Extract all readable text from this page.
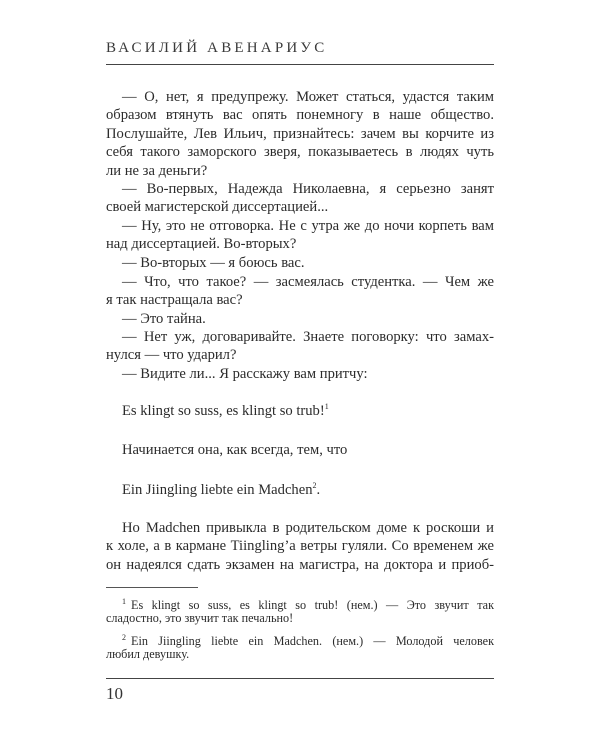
ВАСИЛИЙ АВЕНАРИУС
— О, нет, я предупрежу. Может статься, удастся таким
образом втянуть вас опять понемногу в наше общество.
Послушайте, Лев Ильич, признайтесь: зачем вы корчите из
себя такого заморского зверя, показываетесь в людях чуть
ли не за деньги?
— Во-первых, Надежда Николаевна, я серьезно занят
своей магистерской диссертацией...
— Ну, это не отговорка. Не с утра же до ночи корпеть вам
над диссертацией. Во-вторых?
— Во-вторых — я боюсь вас.
— Что, что такое? — засмеялась студентка. — Чем же
я так настращала вас?
— Это тайна.
— Нет уж, договаривайте. Знаете поговорку: что замах-
нулся — что ударил?
— Видите ли... Я расскажу вам притчу:
Es klingt so suss, es klingt so trub!$^1$
Начинается она, как всегда, тем, что
Ein Jiingling liebte ein Madchen$^2$.
Но Madchen привыкла в родительском доме к роскоши и
к холе, а в кармане Tiingling’a ветры гуляли. Со временем же
он надеялся сдать экзамен на магистра, на доктора и приоб-
$^1$ Es klingt so suss, es klingt so trub! (нем.) — Это звучит так
сладостно, это звучит так печально!
$^2$ Ein Jiingling liebte ein Madchen. (нем.) — Молодой человек
любил девушку.
10
